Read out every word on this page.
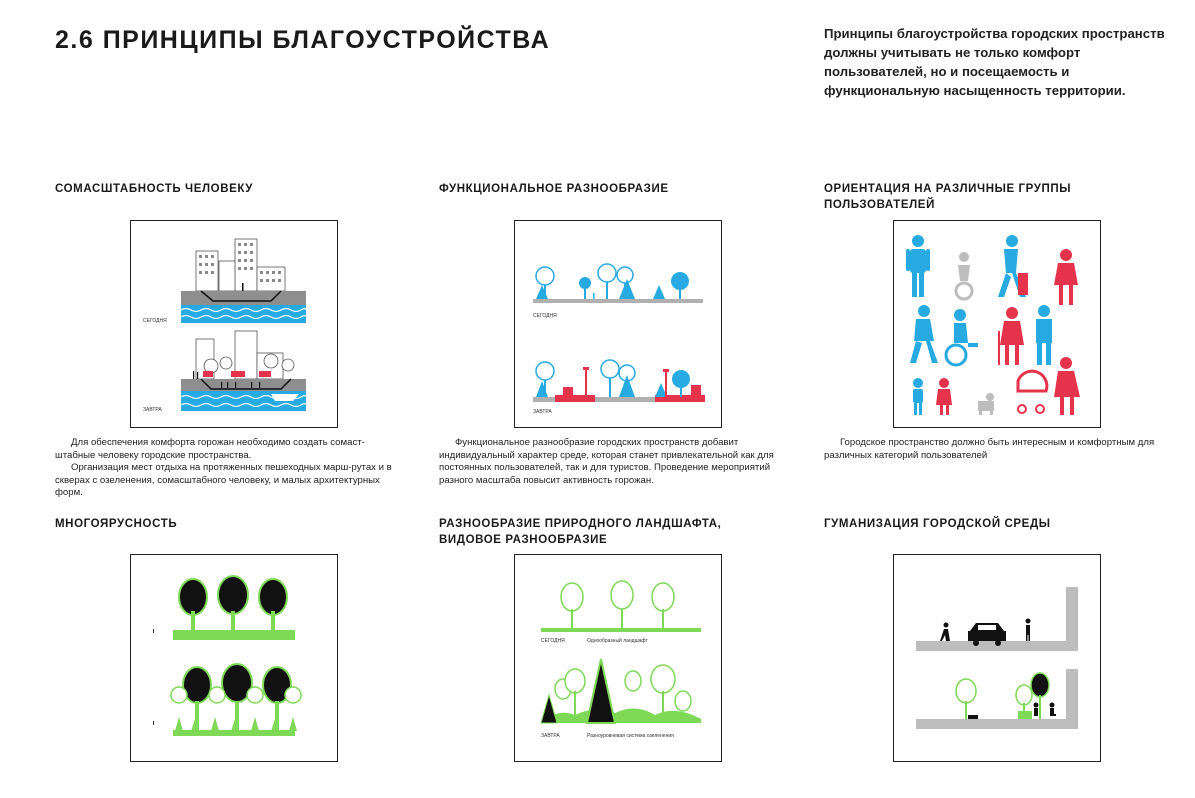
2.6 ПРИНЦИПЫ БЛАГОУСТРОЙСТВА	Принципы благоустройства городских пространств должны учитывать не только комфорт пользователей, но и посещаемость и функциональную насыщенность территории.
СОМАСШТАБНОСТЬ ЧЕЛОВЕКУ
СЕГОДНЯ
ЗАВТРА

Для обеспечения комфорта горожан необходимо создать сомаст-штабные человеку городские пространства.

Организация мест отдыха на протяженных пешеходных марш-рутах и в скверах с озеленения, сомасштабного человеку, и малых архитектурных форм.

ФУНКЦИОНАЛЬНОЕ РАЗНООБРАЗИЕ
СЕГОДНЯ
ЗАВТРА

Функциональное разнообразие городских пространств добавит индивидуальный характер среде, которая станет привлекательной как для постоянных пользователей, так и для туристов. Проведение мероприятий разного масштаба повысит активность горожан.

ОРИЕНТАЦИЯ НА РАЗЛИЧНЫЕ ГРУППЫ
ПОЛЬЗОВАТЕЛЕЙ

Городское пространство должно быть интересным и комфортным для различных категорий пользователей

МНОГОЯРУСНОСТЬ	РАЗНООБРАЗИЕ ПРИРОДНОГО ЛАНДШАФТА,
ВИДОВОЕ РАЗНООБРАЗИЕ
СЕГОДНЯ	Однообразный ландшафт
ЗАВТРА	Разноуровневая система озеленения
ГУМАНИЗАЦИЯ ГОРОДСКОЙ СРЕДЫ
